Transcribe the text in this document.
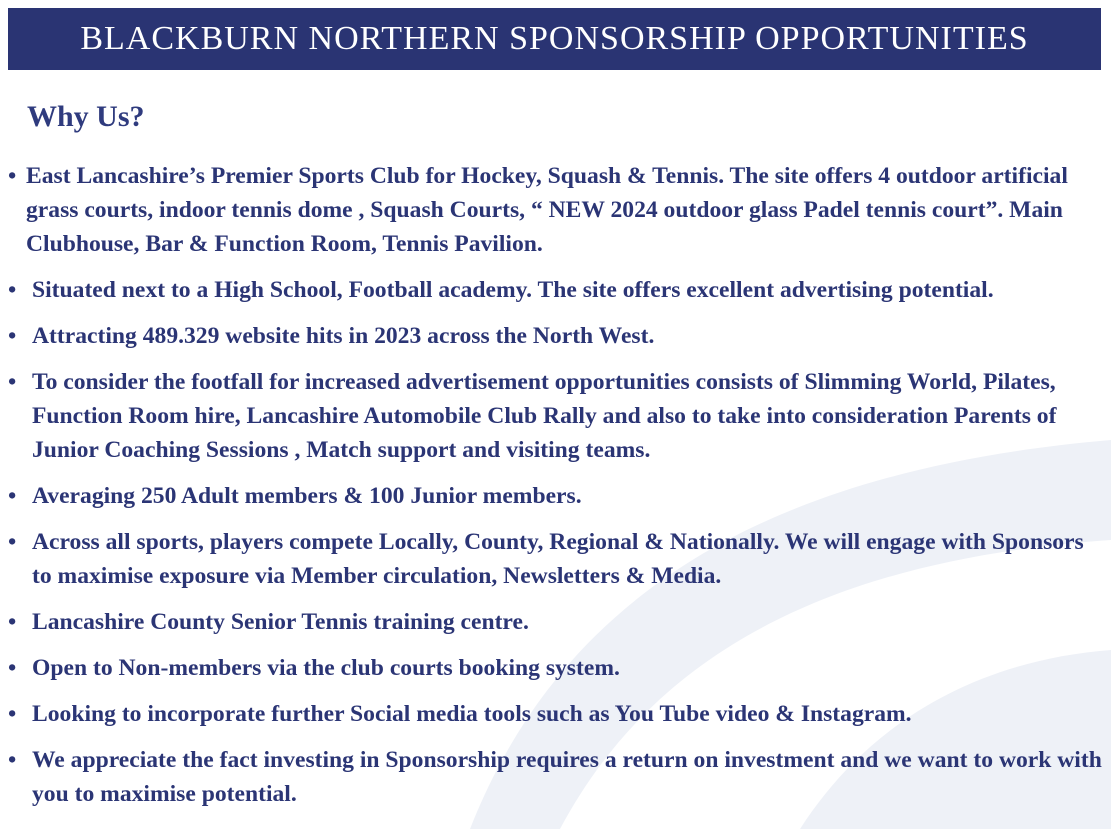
BLACKBURN NORTHERN SPONSORSHIP OPPORTUNITIES
Why Us?
• East Lancashire’s Premier Sports Club for Hockey, Squash & Tennis. The site offers 4 outdoor artificial grass courts, indoor tennis dome , Squash Courts, “ NEW 2024 outdoor glass Padel tennis court”. Main Clubhouse, Bar & Function Room, Tennis Pavilion.
• Situated next to a High School, Football academy. The site offers excellent advertising potential.
• Attracting 489.329 website hits in 2023 across the North West.
• To consider the footfall for increased advertisement opportunities consists of Slimming World, Pilates, Function Room hire, Lancashire Automobile Club Rally and also to take into consideration Parents of Junior Coaching Sessions , Match support and visiting teams.
• Averaging 250 Adult members & 100 Junior members.
• Across all sports, players compete Locally, County, Regional & Nationally. We will engage with Sponsors to maximise exposure via Member circulation, Newsletters & Media.
• Lancashire County Senior Tennis training centre.
• Open to Non-members via the club courts booking system.
• Looking to incorporate further Social media tools such as You Tube video & Instagram.
• We appreciate the fact investing in Sponsorship requires a return on investment and we want to work with you to maximise potential.
